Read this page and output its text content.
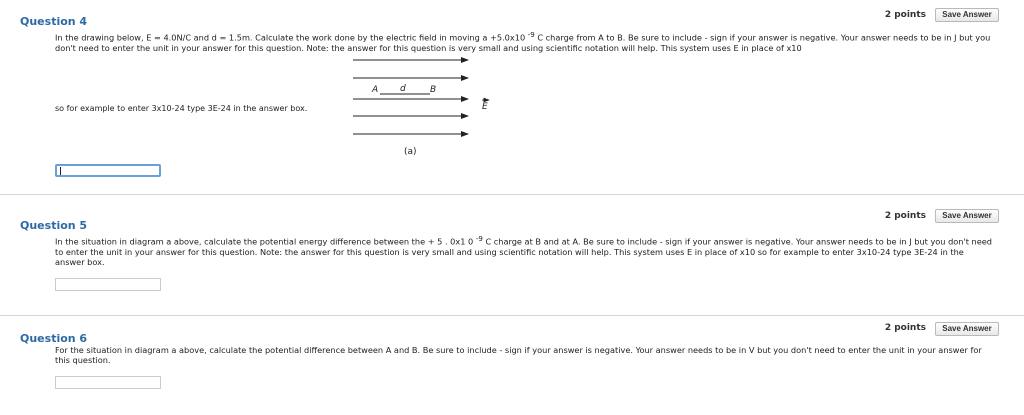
Question 4	2 points	Save Answer
In the drawing below, E = 4.0N/C and d = 1.5m. Calculate the work done by the electric field in moving a +5.0x10 $^{-9}$ C charge from A to B. Be sure to include - sign if your answer is negative. Your answer needs to be in J but you don't need to enter the unit in your answer for this question. Note: the answer for this question is very small and using scientific notation will help. This system uses E in place of x10
so for example to enter 3x10-24 type 3E-24 in the answer box.
A d	B
E
(a)
Question 5
2 points	Save Answer
In the situation in diagram a above, calculate the potential energy difference between the + 5 . 0x1 0 $^{-9}$ C charge at B and at A. Be sure to include - sign if your answer is negative. Your answer needs to be in J but you don't need to enter the unit in your answer for this question. Note: the answer for this question is very small and using scientific notation will help. This system uses E in place of x10 so for example to enter 3x10-24 type 3E-24 in the answer box.
Question 6
2 points	Save Answer
For the situation in diagram a above, calculate the potential difference between A and B. Be sure to include - sign if your answer is negative. Your answer needs to be in V but you don't need to enter the unit in your answer for this question.
